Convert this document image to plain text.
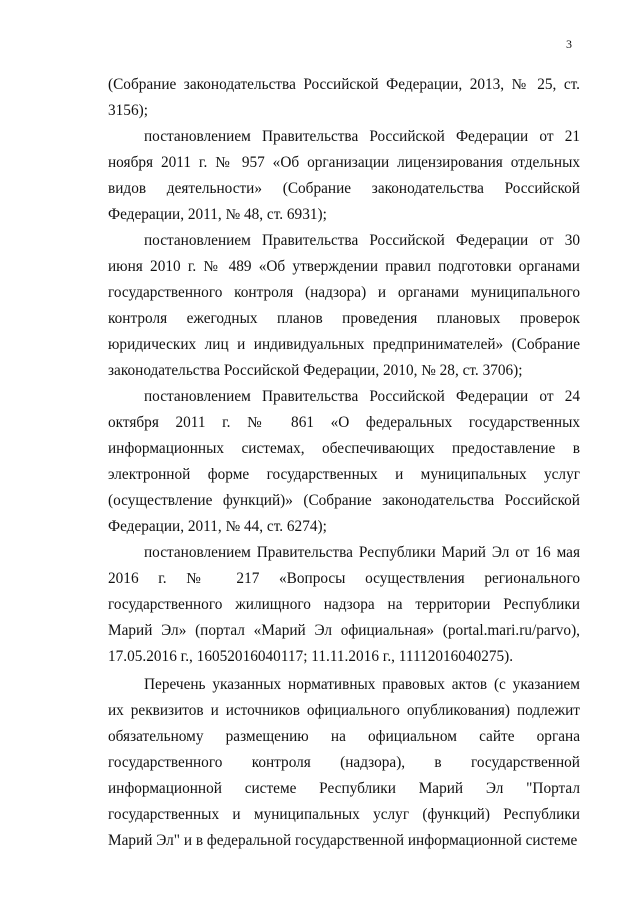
3

(Собрание законодательства Российской Федерации, 2013, № 25, ст. 3156);

постановлением Правительства Российской Федерации от 21 ноября 2011 г. № 957 «Об организации лицензирования отдельных видов деятельности» (Собрание законодательства Российской Федерации, 2011, № 48, ст. 6931);

постановлением Правительства Российской Федерации от 30 июня 2010 г. № 489 «Об утверждении правил подготовки органами государственного контроля (надзора) и органами муниципального контроля ежегодных планов проведения плановых проверок юридических лиц и индивидуальных предпринимателей» (Собрание законодательства Российской Федерации, 2010, № 28, ст. 3706);

постановлением Правительства Российской Федерации от 24 октября 2011 г. № 861 «О федеральных государственных информационных системах, обеспечивающих предоставление в электронной форме государственных и муниципальных услуг (осуществление функций)» (Собрание законодательства Российской Федерации, 2011, № 44, ст. 6274);

постановлением Правительства Республики Марий Эл от 16 мая 2016 г. № 217 «Вопросы осуществления регионального государственного жилищного надзора на территории Республики Марий Эл» (портал «Марий Эл официальная» (portal.mari.ru/parvo), 17.05.2016 г., 16052016040117; 11.11.2016 г., 11112016040275).

Перечень указанных нормативных правовых актов (с указанием их реквизитов и источников официального опубликования) подлежит обязательному размещению на официальном сайте органа государственного контроля (надзора), в государственной информационной системе Республики Марий Эл "Портал государственных и муниципальных услуг (функций) Республики Марий Эл" и в федеральной государственной информационной системе
